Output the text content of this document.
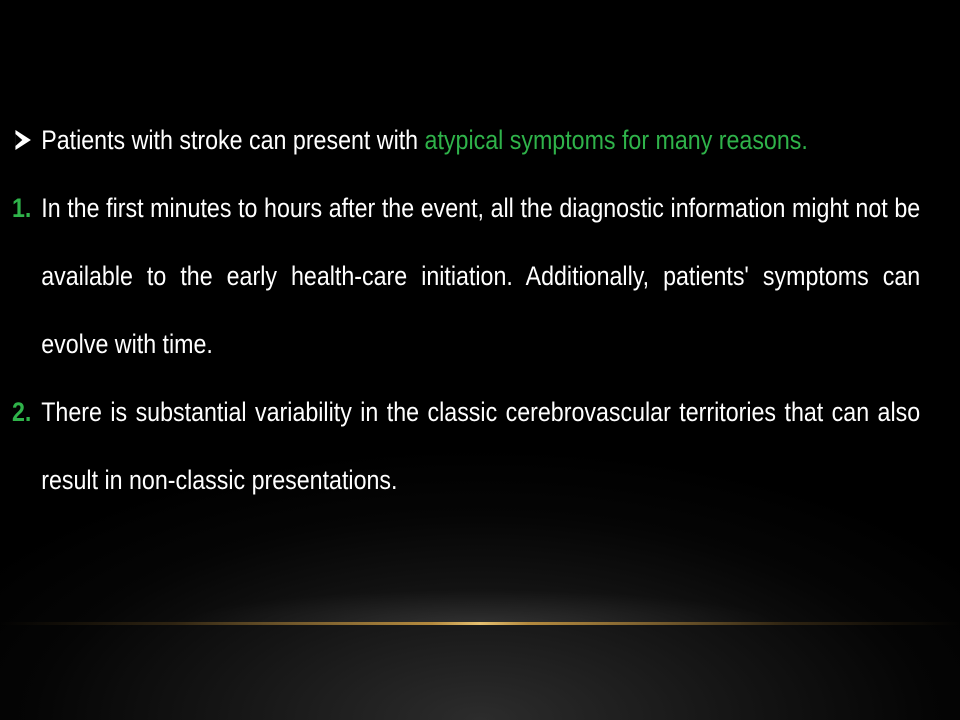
Patients with stroke can present with atypical symptoms for many reasons.
1. In the first minutes to hours after the event, all the diagnostic information might not be available to the early health-care initiation. Additionally, patients' symptoms can evolve with time.
2. There is substantial variability in the classic cerebrovascular territories that can also result in non-classic presentations.
